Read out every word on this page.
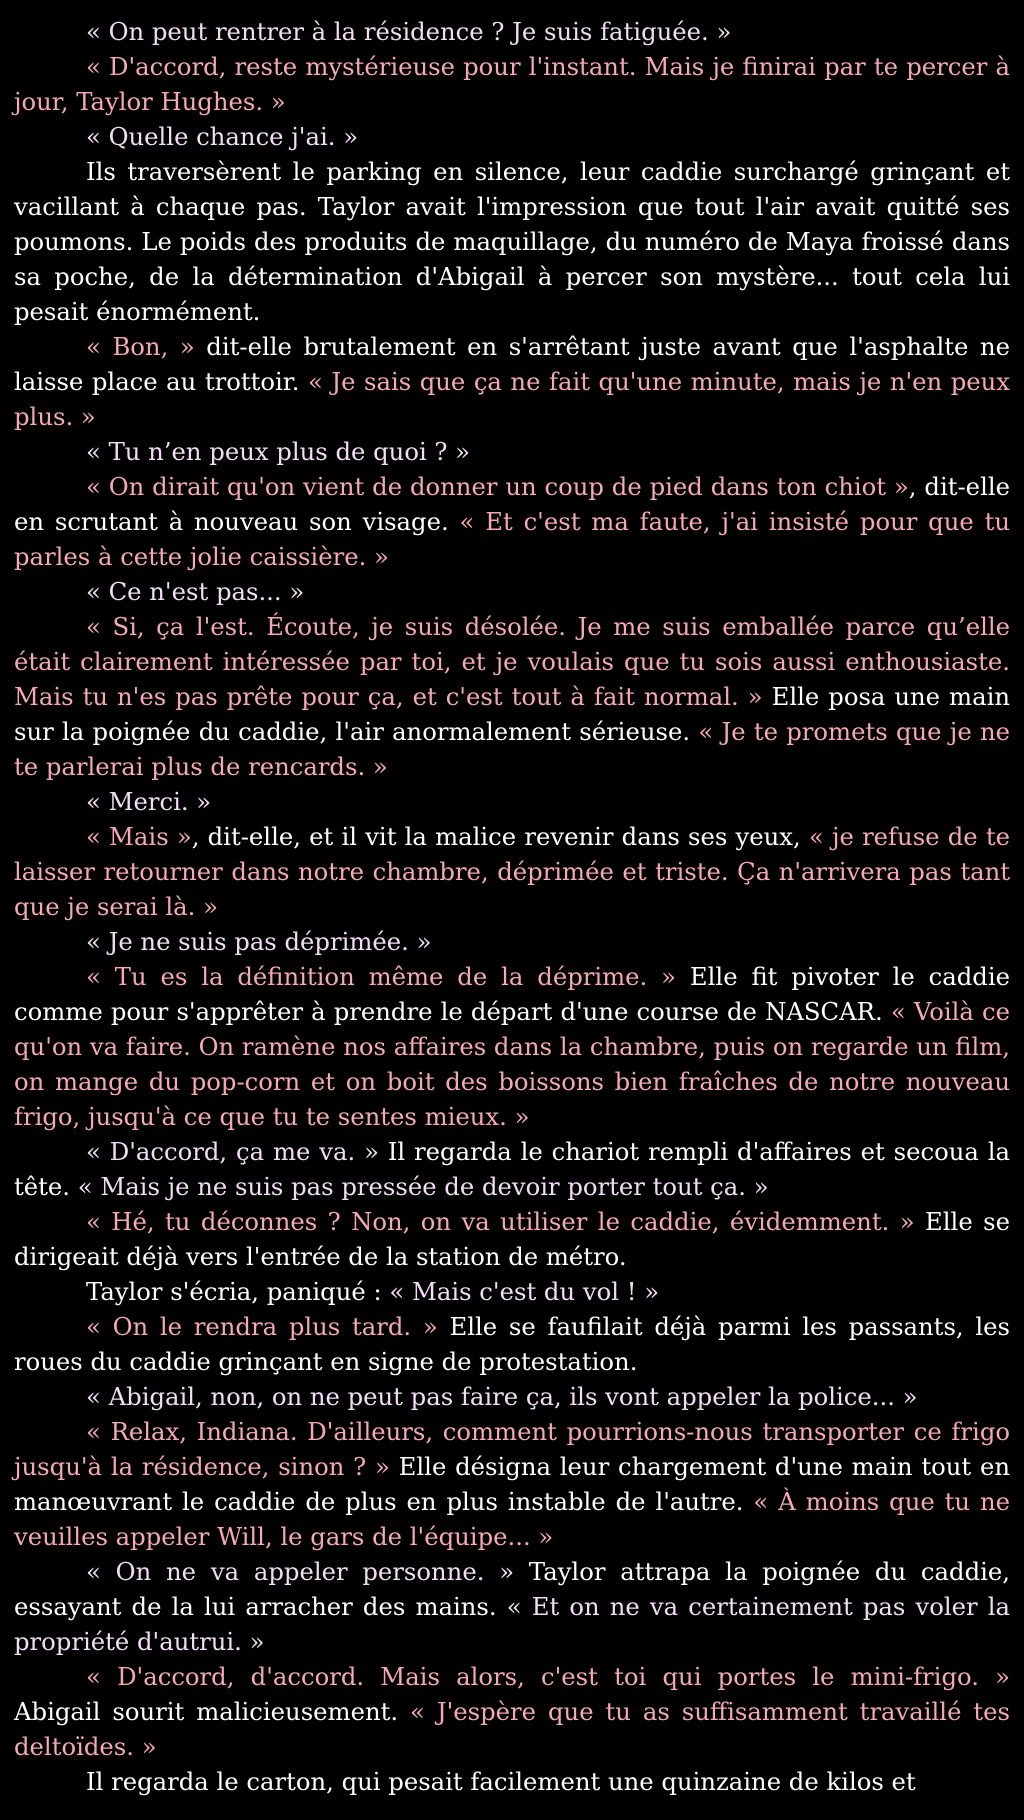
« On peut rentrer à la résidence ? Je suis fatiguée. »

« D'accord, reste mystérieuse pour l'instant. Mais je finirai par te percer à jour, Taylor Hughes. »

« Quelle chance j'ai. »

Ils traversèrent le parking en silence, leur caddie surchargé grinçant et vacillant à chaque pas. Taylor avait l'impression que tout l'air avait quitté ses poumons. Le poids des produits de maquillage, du numéro de Maya froissé dans sa poche, de la détermination d'Abigail à percer son mystère... tout cela lui pesait énormément.

« Bon, » dit-elle brutalement en s'arrêtant juste avant que l'asphalte ne laisse place au trottoir. « Je sais que ça ne fait qu'une minute, mais je n'en peux plus. »

« Tu n’en peux plus de quoi ? »

« On dirait qu'on vient de donner un coup de pied dans ton chiot », dit-elle en scrutant à nouveau son visage. « Et c'est ma faute, j'ai insisté pour que tu parles à cette jolie caissière. »

« Ce n'est pas... »

« Si, ça l'est. Écoute, je suis désolée. Je me suis emballée parce qu’elle était clairement intéressée par toi, et je voulais que tu sois aussi enthousiaste. Mais tu n'es pas prête pour ça, et c'est tout à fait normal. » Elle posa une main sur la poignée du caddie, l'air anormalement sérieuse. « Je te promets que je ne te parlerai plus de rencards. »

« Merci. »

« Mais », dit-elle, et il vit la malice revenir dans ses yeux, « je refuse de te laisser retourner dans notre chambre, déprimée et triste. Ça n'arrivera pas tant que je serai là. »

« Je ne suis pas déprimée. »

« Tu es la définition même de la déprime. » Elle fit pivoter le caddie comme pour s'apprêter à prendre le départ d'une course de NASCAR. « Voilà ce qu'on va faire. On ramène nos affaires dans la chambre, puis on regarde un film, on mange du pop-corn et on boit des boissons bien fraîches de notre nouveau frigo, jusqu'à ce que tu te sentes mieux. »

« D'accord, ça me va. » Il regarda le chariot rempli d'affaires et secoua la tête. « Mais je ne suis pas pressée de devoir porter tout ça. »

« Hé, tu déconnes ? Non, on va utiliser le caddie, évidemment. » Elle se dirigeait déjà vers l'entrée de la station de métro.

Taylor s'écria, paniqué : « Mais c'est du vol ! »

« On le rendra plus tard. » Elle se faufilait déjà parmi les passants, les roues du caddie grinçant en signe de protestation.

« Abigail, non, on ne peut pas faire ça, ils vont appeler la police... »

« Relax, Indiana. D'ailleurs, comment pourrions-nous transporter ce frigo jusqu'à la résidence, sinon ? » Elle désigna leur chargement d'une main tout en manœuvrant le caddie de plus en plus instable de l'autre. « À moins que tu ne veuilles appeler Will, le gars de l'équipe... »

« On ne va appeler personne. » Taylor attrapa la poignée du caddie, essayant de la lui arracher des mains. « Et on ne va certainement pas voler la propriété d'autrui. »

« D'accord, d'accord. Mais alors, c'est toi qui portes le mini-frigo. » Abigail sourit malicieusement. « J'espère que tu as suffisamment travaillé tes deltoïdes. »

Il regarda le carton, qui pesait facilement une quinzaine de kilos et
